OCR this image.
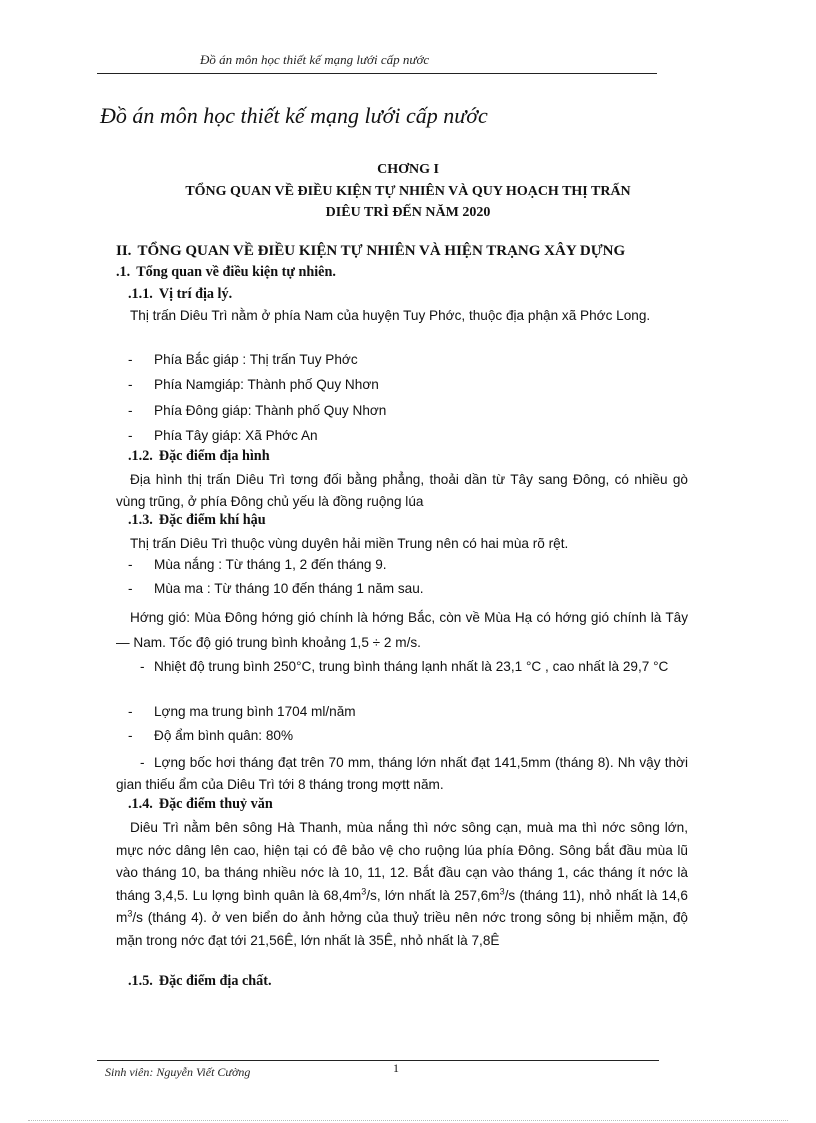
Đồ án môn học thiết kế mạng lưới cấp nước
Đồ án môn học thiết kế mạng lưới cấp nước
CHƠNG I
TỔNG QUAN VỀ ĐIỀU KIỆN TỰ NHIÊN VÀ QUY HOẠCH THỊ TRẤN
DIÊU TRÌ ĐẾN NĂM 2020
II. TỔNG QUAN VỀ ĐIỀU KIỆN TỰ NHIÊN VÀ HIỆN TRẠNG XÂY DỰNG
.1. Tổng quan về điều kiện tự nhiên.
.1.1. Vị trí địa lý.
Thị trấn Diêu Trì nằm ở phía Nam của huyện Tuy Phớc, thuộc địa phận xã Phớc Long.
- Phía Bắc giáp : Thị trấn Tuy Phớc
- Phía Namgiáp: Thành phố Quy Nhơn
- Phía Đông giáp: Thành phố Quy Nhơn
- Phía Tây giáp: Xã Phớc An
.1.2. Đặc điểm địa hình
Địa hình thị trấn Diêu Trì tơng đối bằng phẳng, thoải dần từ Tây sang Đông, có nhiều gò vùng trũng, ở phía Đông chủ yếu là đồng ruộng lúa
.1.3. Đặc điểm khí hậu
Thị trấn Diêu Trì thuộc vùng duyên hải miền Trung nên có hai mùa rõ rệt.
- Mùa nắng : Từ tháng 1, 2 đến tháng 9.
- Mùa ma : Từ tháng 10 đến tháng 1 năm sau.
Hớng gió: Mùa Đông hớng gió chính là hớng Bắc, còn về Mùa Hạ có hớng gió chính là Tây — Nam. Tốc độ gió trung bình khoảng 1,5 ÷ 2 m/s.
- Nhiệt độ trung bình 250°C, trung bình tháng lạnh nhất là 23,1 °C , cao nhất là 29,7 °C
- Lợng ma trung bình 1704 ml/năm
- Độ ẩm bình quân: 80%
- Lợng bốc hơi tháng đạt trên 70 mm, tháng lớn nhất đạt 141,5mm (tháng 8). Nh vậy thời gian thiếu ẩm của Diêu Trì tới 8 tháng trong mợtt năm.
.1.4. Đặc điểm thuỷ văn
Diêu Trì nằm bên sông Hà Thanh, mùa nắng thì nớc sông cạn, muà ma thì nớc sông lớn, mực nớc dâng lên cao, hiện tại có đê bảo vệ cho ruộng lúa phía Đông. Sông bắt đầu mùa lũ vào tháng 10, ba tháng nhiều nớc là 10, 11, 12. Bắt đầu cạn vào tháng 1, các tháng ít nớc là tháng 3,4,5. Lu lợng bình quân là $68,4m^3/s$, lớn nhất là $257,6m^3/s$ (tháng 11), nhỏ nhất là 14,6 $m^3/s$ (tháng 4). ở ven biển do ảnh hởng của thuỷ triều nên nớc trong sông bị nhiễm mặn, độ mặn trong nớc đạt tới 21,56Ê, lớn nhất là 35Ê, nhỏ nhất là 7,8Ê
.1.5. Đặc điểm địa chất.
1
Sinh viên: Nguyễn Viết Cường
